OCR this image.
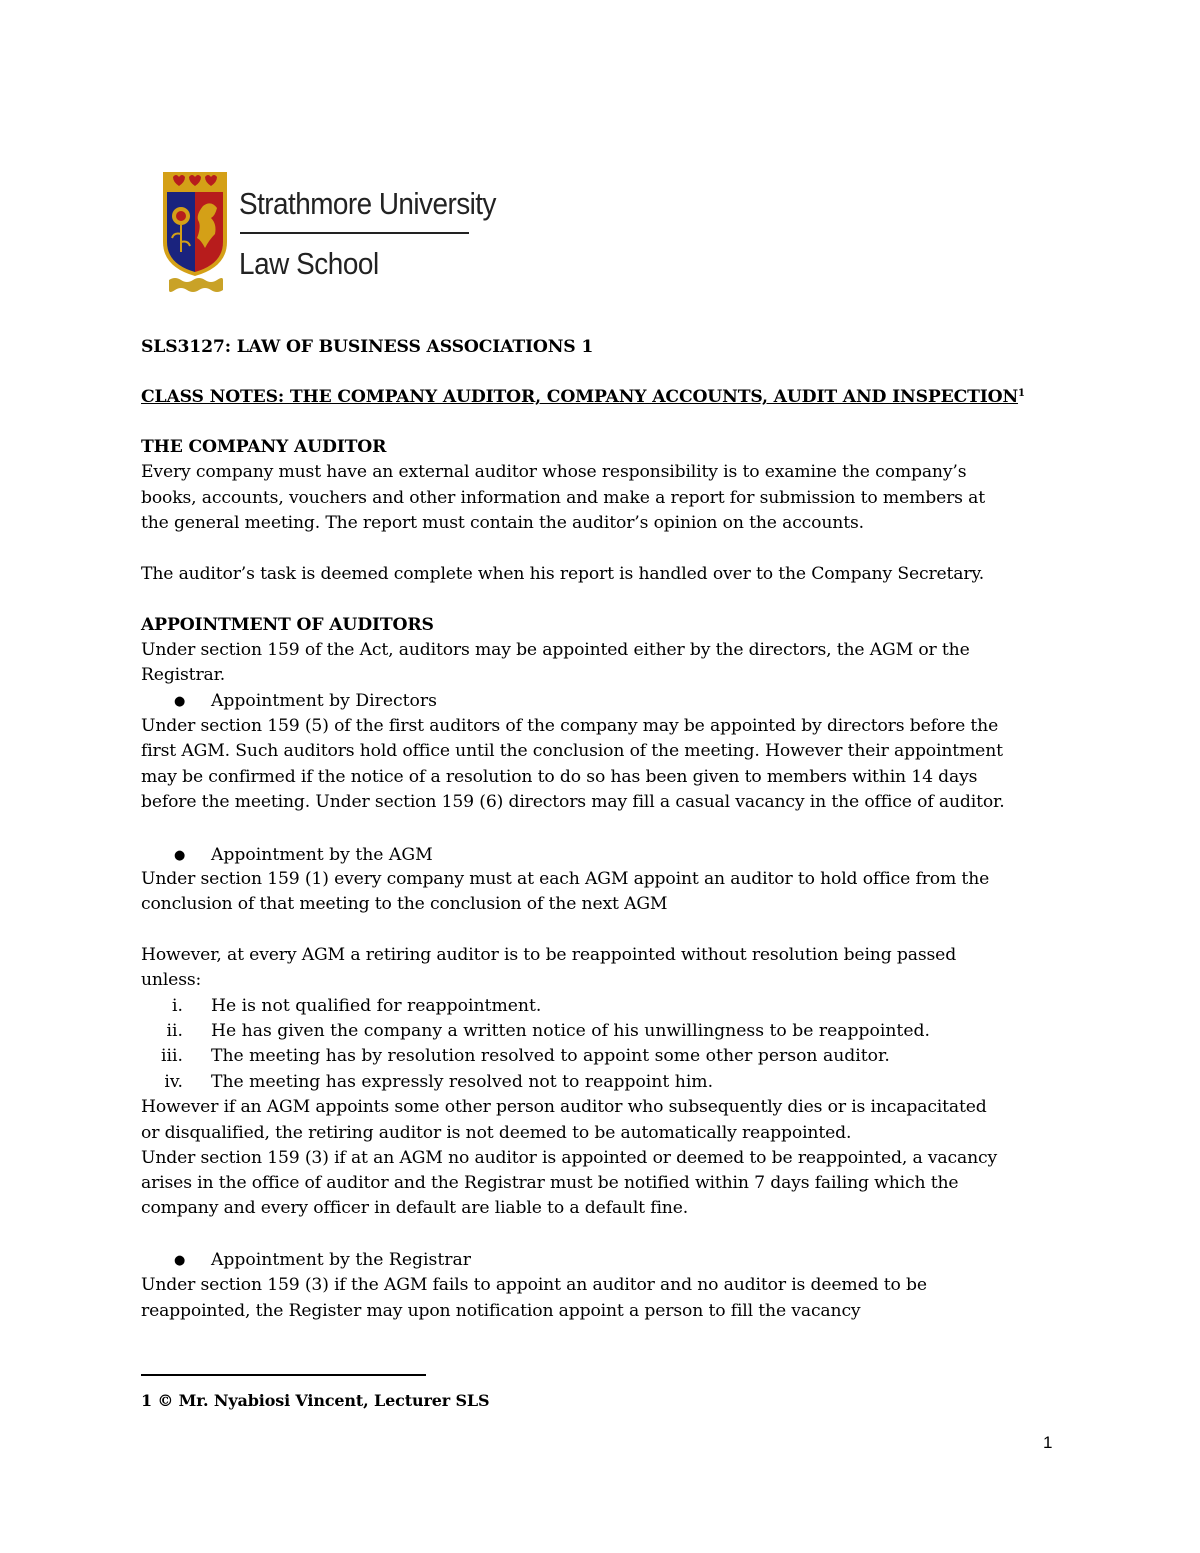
Strathmore University
Law School
SLS3127: LAW OF BUSINESS ASSOCIATIONS 1
CLASS NOTES: THE COMPANY AUDITOR, COMPANY ACCOUNTS, AUDIT AND INSPECTION$^1$
THE COMPANY AUDITOR
Every company must have an external auditor whose responsibility is to examine the company’s
books, accounts, vouchers and other information and make a report for submission to members at
the general meeting. The report must contain the auditor’s opinion on the accounts.
The auditor’s task is deemed complete when his report is handled over to the Company Secretary.
APPOINTMENT OF AUDITORS
Under section 159 of the Act, auditors may be appointed either by the directors, the AGM or the
Registrar.
● Appointment by Directors
Under section 159 (5) of the first auditors of the company may be appointed by directors before the
first AGM. Such auditors hold office until the conclusion of the meeting. However their appointment
may be confirmed if the notice of a resolution to do so has been given to members within 14 days
before the meeting. Under section 159 (6) directors may fill a casual vacancy in the office of auditor.
● Appointment by the AGM
Under section 159 (1) every company must at each AGM appoint an auditor to hold office from the
conclusion of that meeting to the conclusion of the next AGM
However, at every AGM a retiring auditor is to be reappointed without resolution being passed
unless:
i. He is not qualified for reappointment.
ii. He has given the company a written notice of his unwillingness to be reappointed.
iii. The meeting has by resolution resolved to appoint some other person auditor.
iv. The meeting has expressly resolved not to reappoint him.
However if an AGM appoints some other person auditor who subsequently dies or is incapacitated
or disqualified, the retiring auditor is not deemed to be automatically reappointed.
Under section 159 (3) if at an AGM no auditor is appointed or deemed to be reappointed, a vacancy
arises in the office of auditor and the Registrar must be notified within 7 days failing which the
company and every officer in default are liable to a default fine.
● Appointment by the Registrar
Under section 159 (3) if the AGM fails to appoint an auditor and no auditor is deemed to be
reappointed, the Register may upon notification appoint a person to fill the vacancy
1 © Mr. Nyabiosi Vincent, Lecturer SLS
1
